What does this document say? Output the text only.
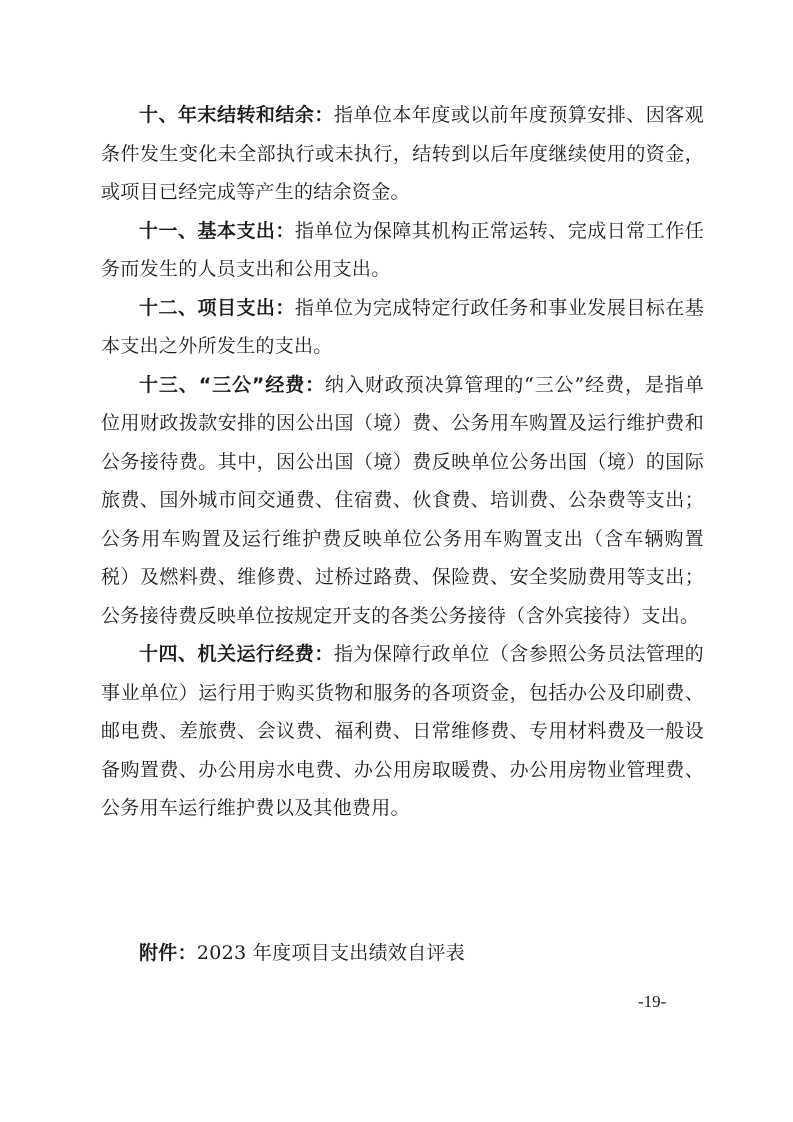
十、年末结转和结余：指单位本年度或以前年度预算安排、因客观条件发生变化未全部执行或未执行，结转到以后年度继续使用的资金，或项目已经完成等产生的结余资金。

十一、基本支出：指单位为保障其机构正常运转、完成日常工作任务而发生的人员支出和公用支出。

十二、项目支出：指单位为完成特定行政任务和事业发展目标在基本支出之外所发生的支出。

十三、“三公”经费：纳入财政预决算管理的“三公”经费，是指单位用财政拨款安排的因公出国（境）费、公务用车购置及运行维护费和公务接待费。其中，因公出国（境）费反映单位公务出国（境）的国际旅费、国外城市间交通费、住宿费、伙食费、培训费、公杂费等支出；公务用车购置及运行维护费反映单位公务用车购置支出（含车辆购置税）及燃料费、维修费、过桥过路费、保险费、安全奖励费用等支出；公务接待费反映单位按规定开支的各类公务接待（含外宾接待）支出。

十四、机关运行经费：指为保障行政单位（含参照公务员法管理的事业单位）运行用于购买货物和服务的各项资金，包括办公及印刷费、邮电费、差旅费、会议费、福利费、日常维修费、专用材料费及一般设备购置费、办公用房水电费、办公用房取暖费、办公用房物业管理费、公务用车运行维护费以及其他费用。

附件：2023 年度项目支出绩效自评表
-19-
